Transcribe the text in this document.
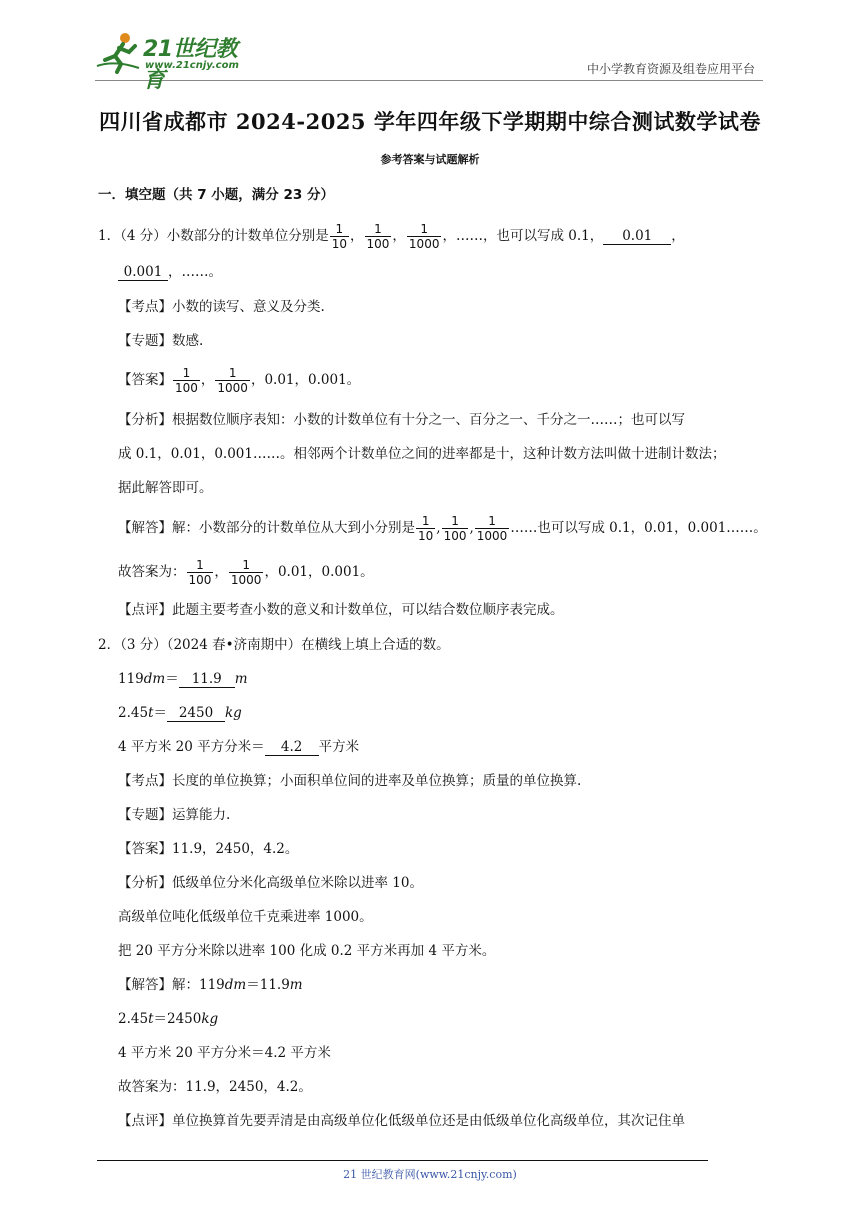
21世纪教育
www.21cnjy.com	中小学教育资源及组卷应用平台
四川省成都市 2024-2025 学年四年级下学期期中综合测试数学试卷
参考答案与试题解析
一．填空题（共 7 小题，满分 23 分）
1．（4 分）小数部分的计数单位分别是 $\frac{1}{10}$ ， $\frac{1}{100}$ ， $\frac{1}{1000}$ ，……，也可以写成 0.1， 0.01 ，
0.001 ，……。
【考点】小数的读写、意义及分类.
【专题】数感.
【答案】 $\frac{1}{100}$ ， $\frac{1}{1000}$ ，0.01，0.001。
【分析】根据数位顺序表知：小数的计数单位有十分之一、百分之一、千分之一……；也可以写
成 0.1，0.01，0.001……。相邻两个计数单位之间的进率都是十，这种计数方法叫做十进制计数法；
据此解答即可。
【解答】解：小数部分的计数单位从大到小分别是 $\frac{1}{10}$ , $\frac{1}{100}$ , $\frac{1}{1000}$ ……也可以写成 0.1，0.01，0.001……。
故答案为： $\frac{1}{100}$ ， $\frac{1}{1000}$ ，0.01，0.001。
【点评】此题主要考查小数的意义和计数单位，可以结合数位顺序表完成。
2．（3 分）（2024 春•济南期中）在横线上填上合适的数。
119dm＝ 11.9 m
2.45t＝ 2450 kg
4 平方米 20 平方分米＝ 4.2 平方米
【考点】长度的单位换算；小面积单位间的进率及单位换算；质量的单位换算.
【专题】运算能力.
【答案】11.9，2450，4.2。
【分析】低级单位分米化高级单位米除以进率 10。
高级单位吨化低级单位千克乘进率 1000。
把 20 平方分米除以进率 100 化成 0.2 平方米再加 4 平方米。
【解答】解：119dm＝11.9m
2.45t＝2450kg
4 平方米 20 平方分米＝4.2 平方米
故答案为：11.9，2450，4.2。
【点评】单位换算首先要弄清是由高级单位化低级单位还是由低级单位化高级单位，其次记住单
21 世纪教育网(www.21cnjy.com)
